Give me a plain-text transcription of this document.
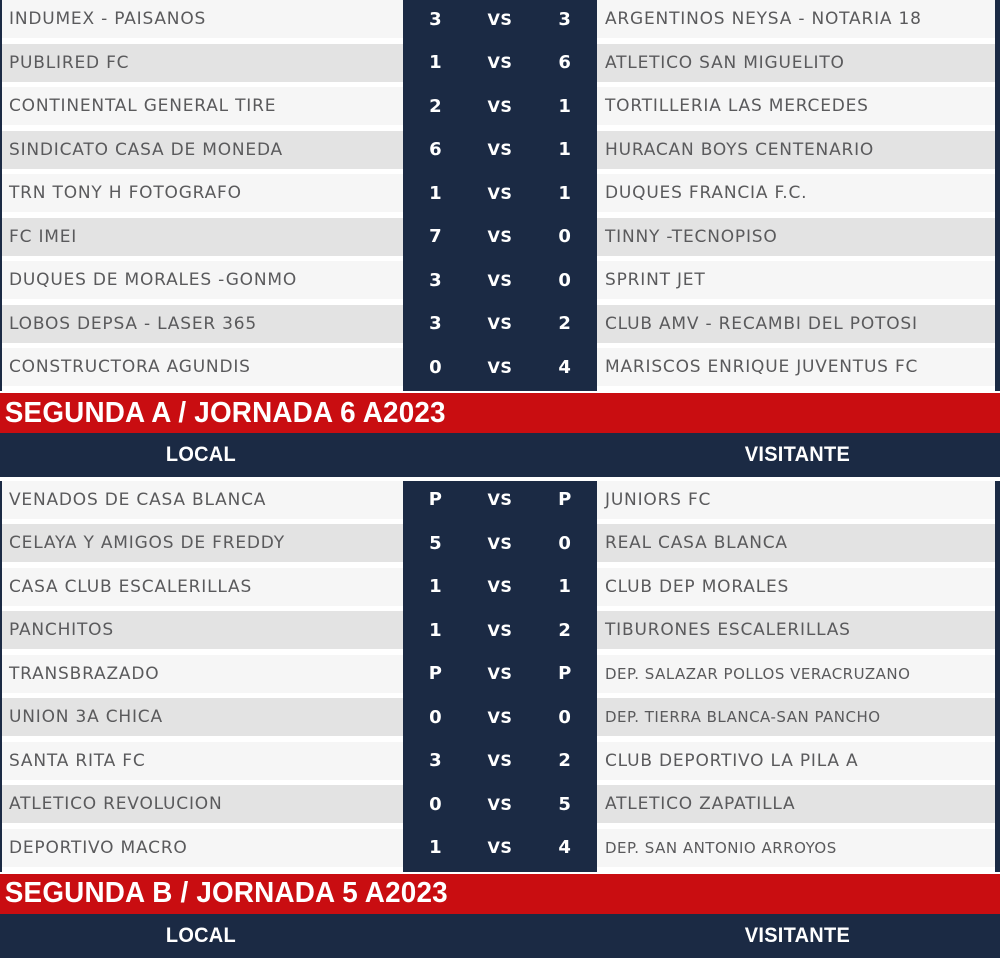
INDUMEX - PAISANOS	3	VS	3	ARGENTINOS NEYSA - NOTARIA 18
PUBLIRED FC	1	VS	6	ATLETICO SAN MIGUELITO
CONTINENTAL GENERAL TIRE	2	VS	1	TORTILLERIA LAS MERCEDES
SINDICATO CASA DE MONEDA	6	VS	1	HURACAN BOYS CENTENARIO
TRN TONY H FOTOGRAFO	1	VS	1	DUQUES FRANCIA F.C.
FC IMEI	7	VS	0	TINNY -TECNOPISO
DUQUES DE MORALES -GONMO	3	VS	0	SPRINT JET
LOBOS DEPSA - LASER 365	3	VS	2	CLUB AMV - RECAMBI DEL POTOSI
CONSTRUCTORA AGUNDIS	0	VS	4	MARISCOS ENRIQUE JUVENTUS FC
SEGUNDA A / JORNADA 6 A2023
LOCAL	VISITANTE
VENADOS DE CASA BLANCA	P	VS	P	JUNIORS FC
CELAYA Y AMIGOS DE FREDDY	5	VS	0	REAL CASA BLANCA
CASA CLUB ESCALERILLAS	1	VS	1	CLUB DEP MORALES
PANCHITOS	1	VS	2	TIBURONES ESCALERILLAS
TRANSBRAZADO	P	VS	P	DEP. SALAZAR POLLOS VERACRUZANO
UNION 3A CHICA	0	VS	0	DEP. TIERRA BLANCA-SAN PANCHO
SANTA RITA FC	3	VS	2	CLUB DEPORTIVO LA PILA A
ATLETICO REVOLUCION	0	VS	5	ATLETICO ZAPATILLA
DEPORTIVO MACRO	1	VS	4	DEP. SAN ANTONIO ARROYOS
SEGUNDA B / JORNADA 5 A2023
LOCAL	VISITANTE
